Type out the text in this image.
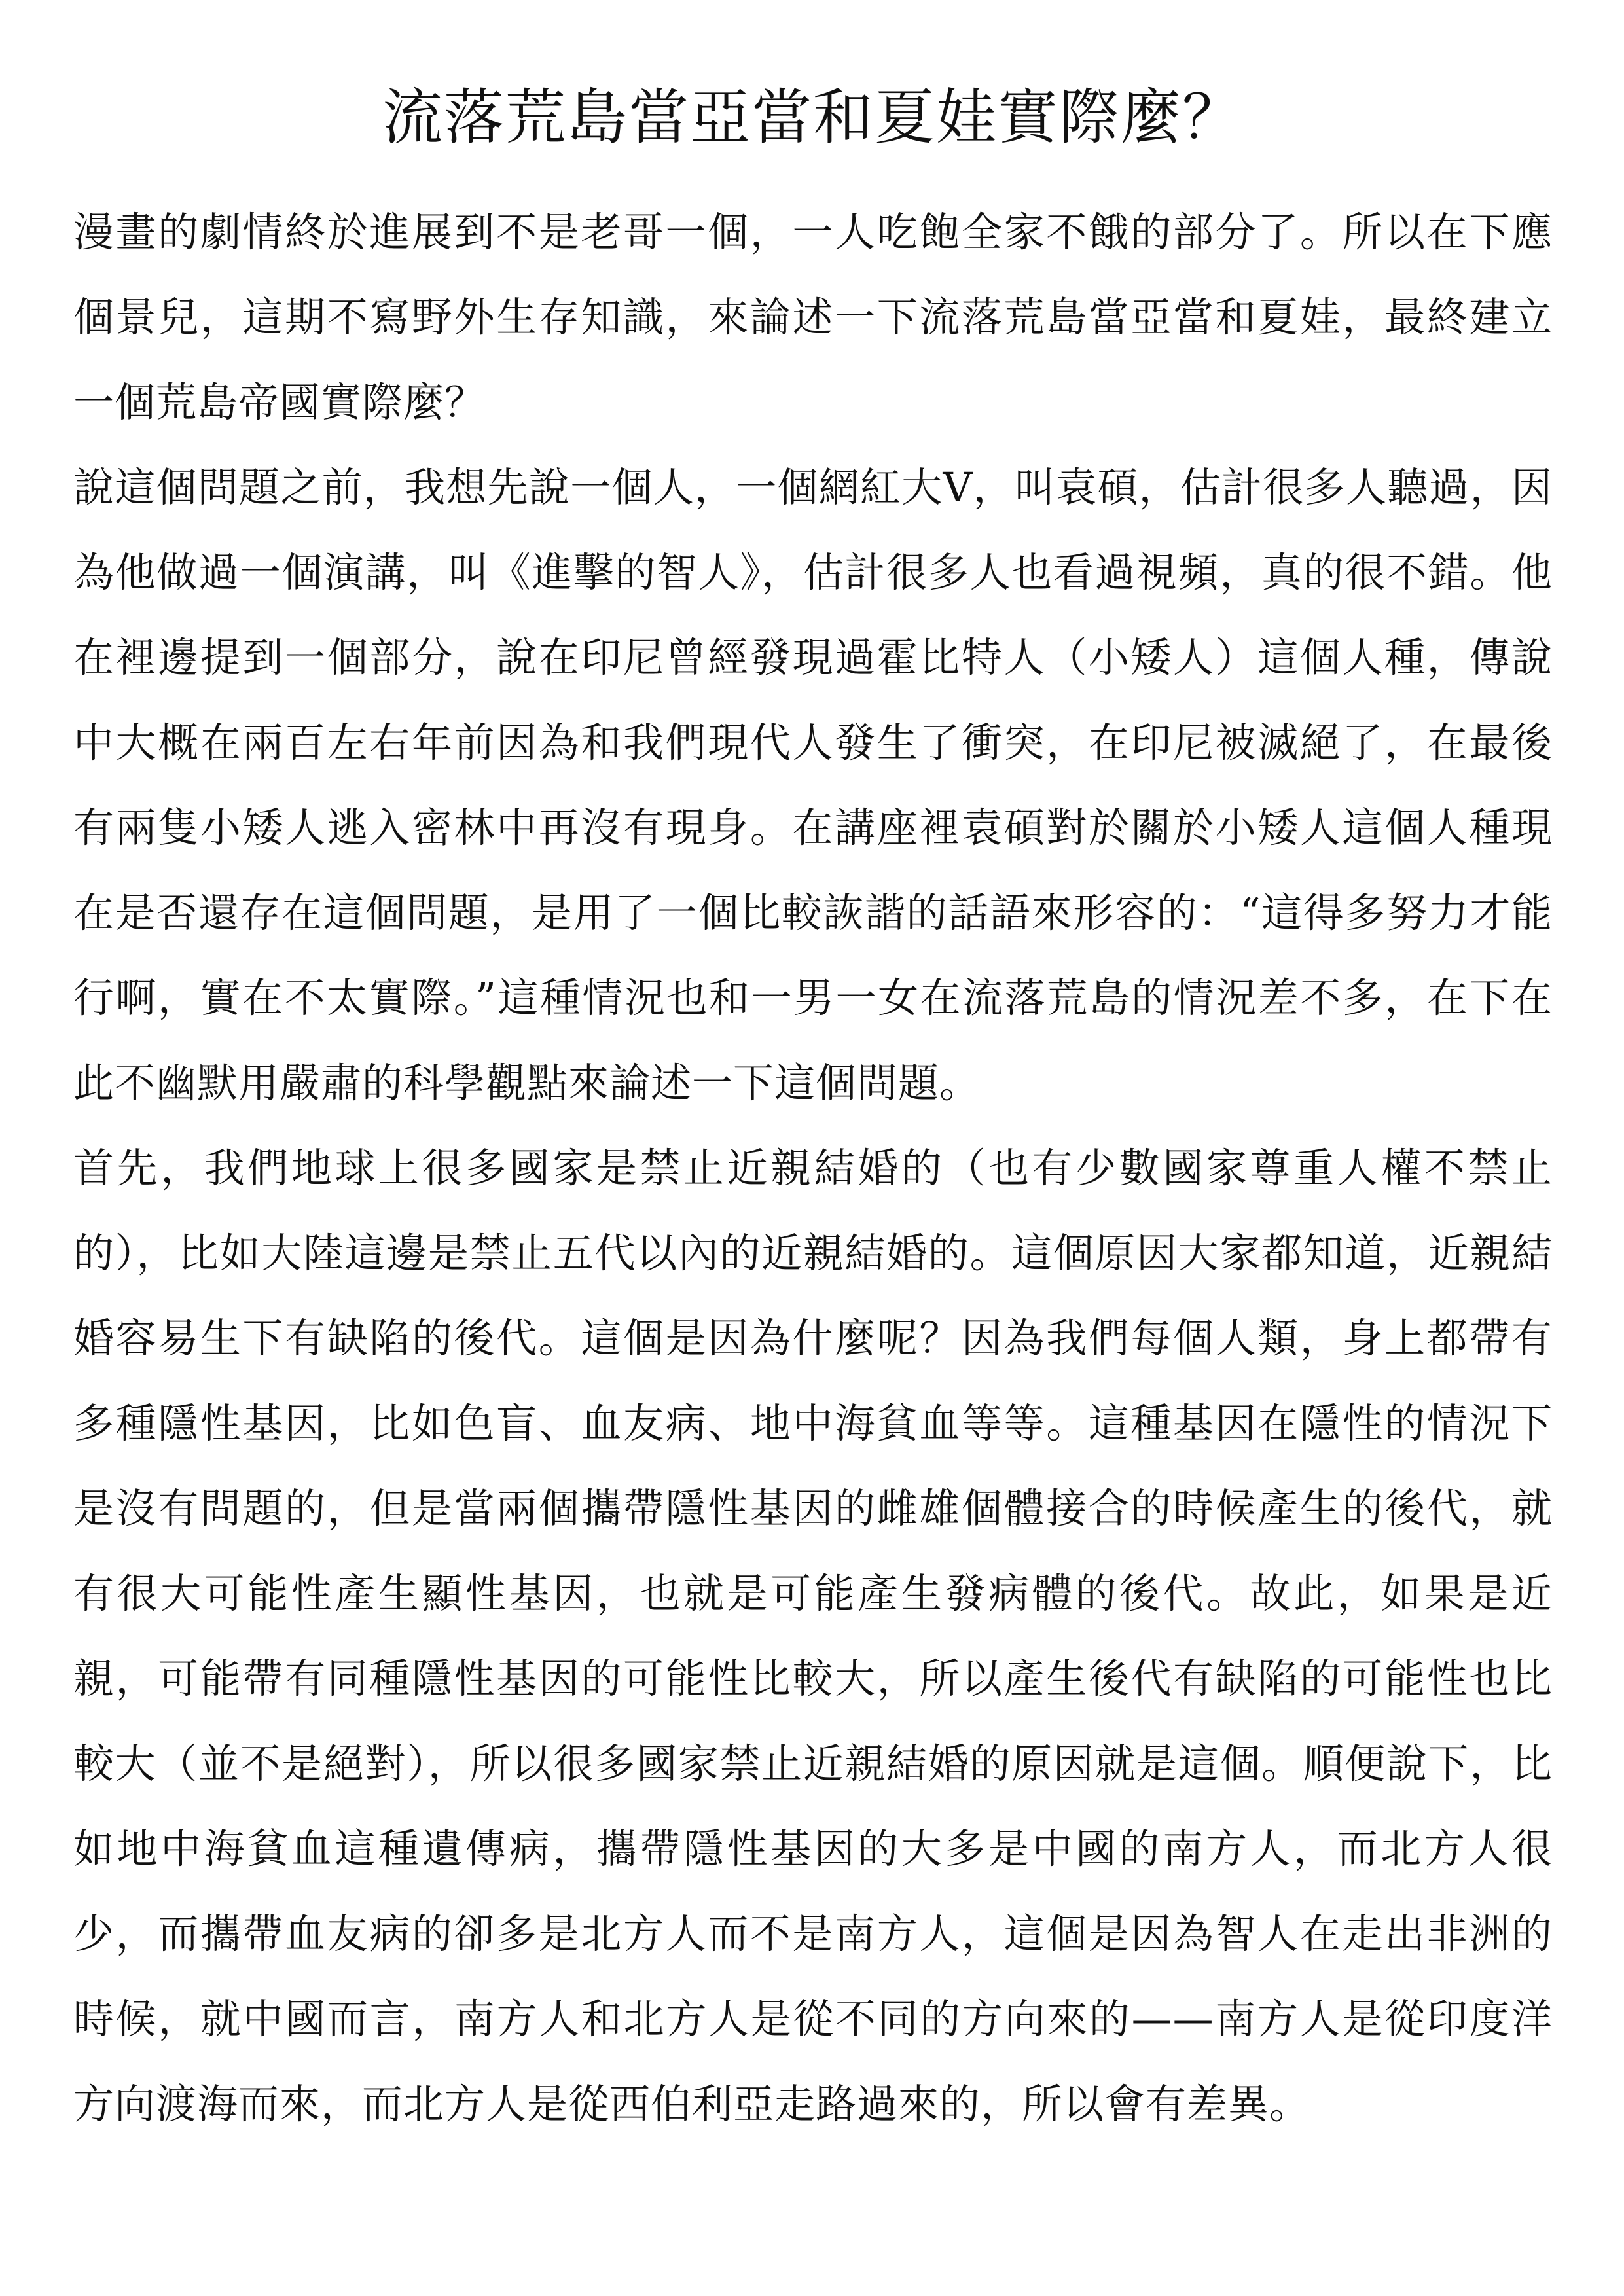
流落荒島當亞當和夏娃實際麼？

漫畫的劇情終於進展到不是老哥一個，一人吃飽全家不餓的部分了。所以在下應個景兒，這期不寫野外生存知識，來論述一下流落荒島當亞當和夏娃，最終建立一個荒島帝國實際麼？

說這個問題之前，我想先說一個人，一個網紅大V，叫袁碩，估計很多人聽過，因為他做過一個演講，叫《進擊的智人》，估計很多人也看過視頻，真的很不錯。他在裡邊提到一個部分，說在印尼曾經發現過霍比特人（小矮人）這個人種，傳說中大概在兩百左右年前因為和我們現代人發生了衝突，在印尼被滅絕了，在最後有兩隻小矮人逃入密林中再沒有現身。在講座裡袁碩對於關於小矮人這個人種現在是否還存在這個問題，是用了一個比較詼諧的話語來形容的：“這得多努力才能行啊，實在不太實際。”這種情況也和一男一女在流落荒島的情況差不多，在下在此不幽默用嚴肅的科學觀點來論述一下這個問題。

首先，我們地球上很多國家是禁止近親結婚的（也有少數國家尊重人權不禁止的），比如大陸這邊是禁止五代以內的近親結婚的。這個原因大家都知道，近親結婚容易生下有缺陷的後代。這個是因為什麼呢？因為我們每個人類，身上都帶有多種隱性基因，比如色盲、血友病、地中海貧血等等。這種基因在隱性的情況下是沒有問題的，但是當兩個攜帶隱性基因的雌雄個體接合的時候產生的後代，就有很大可能性產生顯性基因，也就是可能產生發病體的後代。故此，如果是近親，可能帶有同種隱性基因的可能性比較大，所以產生後代有缺陷的可能性也比較大（並不是絕對），所以很多國家禁止近親結婚的原因就是這個。順便說下，比如地中海貧血這種遺傳病，攜帶隱性基因的大多是中國的南方人，而北方人很少，而攜帶血友病的卻多是北方人而不是南方人，這個是因為智人在走出非洲的時候，就中國而言，南方人和北方人是從不同的方向來的——南方人是從印度洋方向渡海而來，而北方人是從西伯利亞走路過來的，所以會有差異。
